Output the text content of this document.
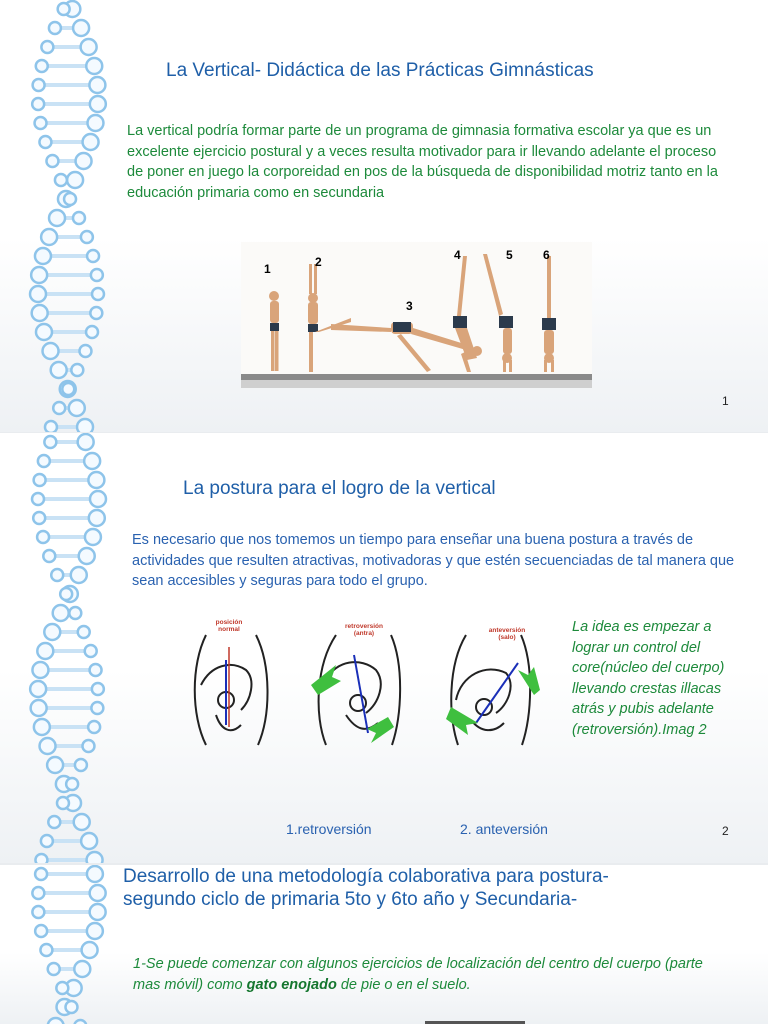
La Vertical- Didáctica de las Prácticas Gimnásticas
La vertical podría formar parte de un programa de gimnasia formativa escolar ya que es un excelente ejercicio postural y a veces resulta motivador para ir llevando adelante el proceso de poner en juego la corporeidad en pos de la búsqueda de disponibilidad motriz tanto en la educación primaria como en secundaria
1	2
3
4	5	6
1
La postura para el logro de la vertical
Es necesario que nos tomemos un tiempo para enseñar una buena postura a través de actividades que resulten atractivas, motivadoras y que estén secuenciadas de tal manera que sean accesibles y seguras para todo el grupo.
posición normal	retroversión (antra)	anteversión (salo)
La idea es empezar a lograr un control del core(núcleo del cuerpo) llevando crestas illacas atrás y pubis adelante (retroversión).Imag 2
1.retroversión	2. anteversión	2
Desarrollo de una metodología colaborativa para postura-
segundo ciclo de primaria 5to y 6to año y Secundaria-
1-Se puede comenzar con algunos ejercicios de localización del centro del cuerpo (parte mas móvil) como gato enojado de pie o en el suelo.
